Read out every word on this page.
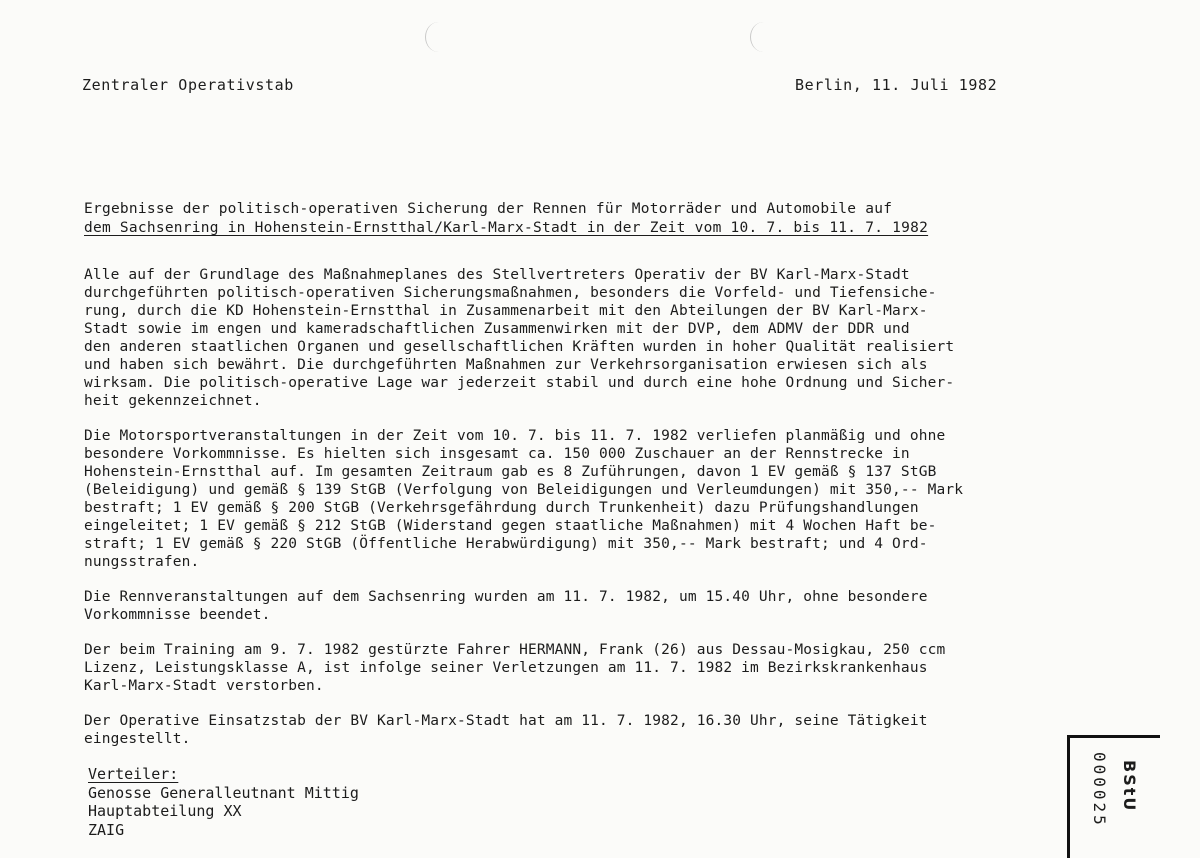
Zentraler Operativstab	Berlin, 11. Juli 1982
Ergebnisse der politisch-operativen Sicherung der Rennen für Motorräder und Automobile auf
dem Sachsenring in Hohenstein-Ernstthal/Karl-Marx-Stadt in der Zeit vom 10. 7. bis 11. 7. 1982
Alle auf der Grundlage des Maßnahmeplanes des Stellvertreters Operativ der BV Karl-Marx-Stadt
durchgeführten politisch-operativen Sicherungsmaßnahmen, besonders die Vorfeld- und Tiefensiche-
rung, durch die KD Hohenstein-Ernstthal in Zusammenarbeit mit den Abteilungen der BV Karl-Marx-
Stadt sowie im engen und kameradschaftlichen Zusammenwirken mit der DVP, dem ADMV der DDR und
den anderen staatlichen Organen und gesellschaftlichen Kräften wurden in hoher Qualität realisiert
und haben sich bewährt. Die durchgeführten Maßnahmen zur Verkehrsorganisation erwiesen sich als
wirksam. Die politisch-operative Lage war jederzeit stabil und durch eine hohe Ordnung und Sicher-
heit gekennzeichnet.
Die Motorsportveranstaltungen in der Zeit vom 10. 7. bis 11. 7. 1982 verliefen planmäßig und ohne
besondere Vorkommnisse. Es hielten sich insgesamt ca. 150 000 Zuschauer an der Rennstrecke in
Hohenstein-Ernstthal auf. Im gesamten Zeitraum gab es 8 Zuführungen, davon 1 EV gemäß § 137 StGB
(Beleidigung) und gemäß § 139 StGB (Verfolgung von Beleidigungen und Verleumdungen) mit 350,-- Mark
bestraft; 1 EV gemäß § 200 StGB (Verkehrsgefährdung durch Trunkenheit) dazu Prüfungshandlungen
eingeleitet; 1 EV gemäß § 212 StGB (Widerstand gegen staatliche Maßnahmen) mit 4 Wochen Haft be-
straft; 1 EV gemäß § 220 StGB (Öffentliche Herabwürdigung) mit 350,-- Mark bestraft; und 4 Ord-
nungsstrafen.
Die Rennveranstaltungen auf dem Sachsenring wurden am 11. 7. 1982, um 15.40 Uhr, ohne besondere
Vorkommnisse beendet.
Der beim Training am 9. 7. 1982 gestürzte Fahrer HERMANN, Frank (26) aus Dessau-Mosigkau, 250 ccm
Lizenz, Leistungsklasse A, ist infolge seiner Verletzungen am 11. 7. 1982 im Bezirkskrankenhaus
Karl-Marx-Stadt verstorben.
Der Operative Einsatzstab der BV Karl-Marx-Stadt hat am 11. 7. 1982, 16.30 Uhr, seine Tätigkeit
eingestellt.
Verteiler:
Genosse Generalleutnant Mittig
Hauptabteilung XX
ZAIG
BStU
000025
